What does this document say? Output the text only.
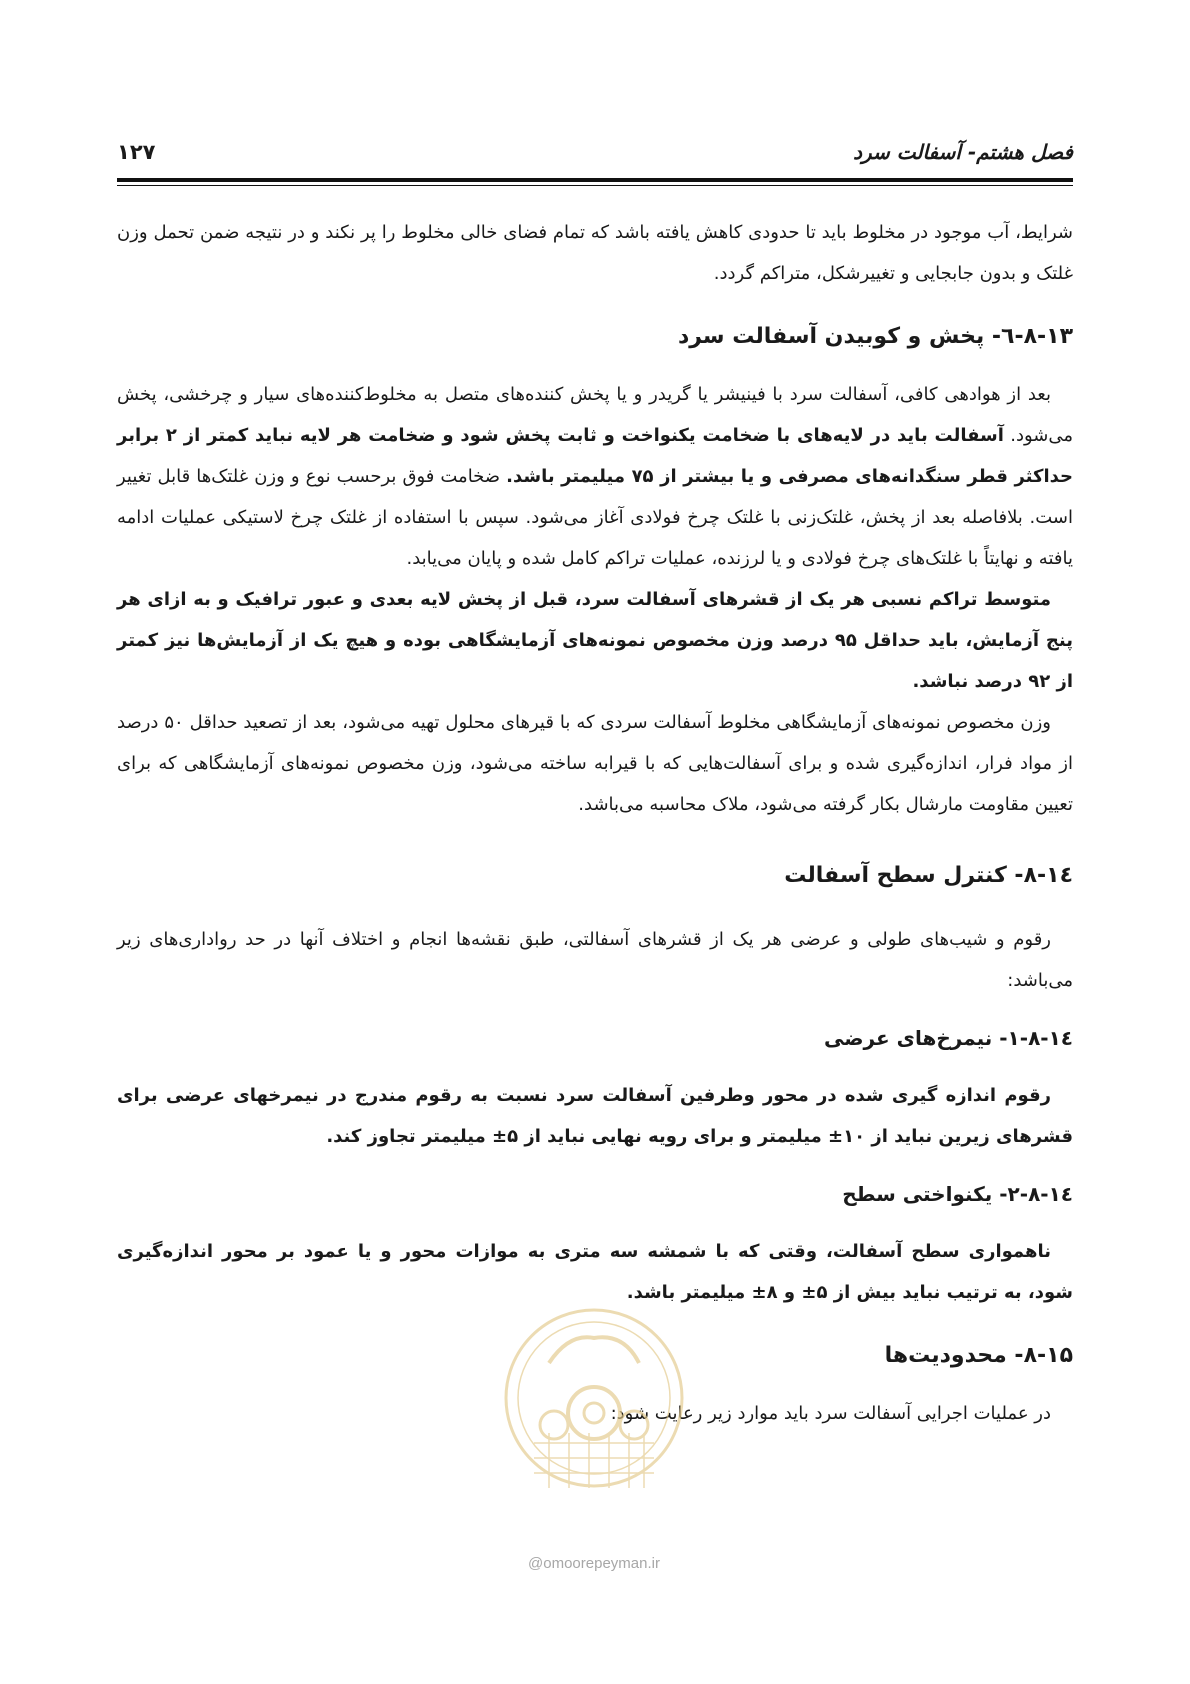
فصل هشتم- آسفالت سرد
۱۲۷

شرایط، آب موجود در مخلوط باید تا حدودی کاهش یافته باشد که تمام فضای خالی مخلوط را پر نکند و در نتیجه ضمن تحمل وزن غلتک و بدون جابجایی و تغییرشکل، متراکم گردد.

۸-۱۳-٦- پخش و کوبیدن آسفالت سرد

بعد از هوادهی کافی، آسفالت سرد با فینیشر یا گریدر و یا پخش کننده‌های متصل به مخلوط‌کننده‌های سیار و چرخشی، پخش می‌شود. آسفالت باید در لایه‌های با ضخامت یکنواخت و ثابت پخش شود و ضخامت هر لایه نباید کمتر از ۲ برابر حداکثر قطر سنگدانه‌های مصرفی و یا بیشتر از ۷۵ میلیمتر باشد. ضخامت فوق برحسب نوع و وزن غلتک‌ها قابل تغییر است. بلافاصله بعد از پخش، غلتک‌زنی با غلتک چرخ فولادی آغاز می‌شود. سپس با استفاده از غلتک چرخ لاستیکی عملیات ادامه یافته و نهایتاً با غلتک‌های چرخ فولادی و یا لرزنده، عملیات تراکم کامل شده و پایان می‌یابد.

متوسط تراکم نسبی هر یک از قشرهای آسفالت سرد، قبل از پخش لایه بعدی و عبور ترافیک و به ازای هر پنج آزمایش، باید حداقل ۹۵ درصد وزن مخصوص نمونه‌های آزمایشگاهی بوده و هیچ یک از آزمایش‌ها نیز کمتر از ۹۲ درصد نباشد.

وزن مخصوص نمونه‌های آزمایشگاهی مخلوط آسفالت سردی که با قیرهای محلول تهیه می‌شود، بعد از تصعید حداقل ۵۰ درصد از مواد فرار، اندازه‌گیری شده و برای آسفالت‌هایی که با قیرابه ساخته می‌شود، وزن مخصوص نمونه‌های آزمایشگاهی که برای تعیین مقاومت مارشال بکار گرفته می‌شود، ملاک محاسبه می‌باشد.

۸-۱٤- کنترل سطح آسفالت

رقوم و شیب‌های طولی و عرضی هر یک از قشرهای آسفالتی، طبق نقشه‌ها انجام و اختلاف آنها در حد رواداری‌های زیر می‌باشد:

۸-۱٤-۱- نیمرخ‌های عرضی

رقوم اندازه گیری شده در محور وطرفین آسفالت سرد نسبت به رقوم مندرج در نیمرخهای عرضی برای قشرهای زیرین نباید از ۱۰± میلیمتر و برای رویه نهایی نباید از ۵± میلیمتر تجاوز کند.

۸-۱٤-۲- یکنواختی سطح

ناهمواری سطح آسفالت، وقتی که با شمشه سه متری به موازات محور و یا عمود بر محور اندازه‌گیری شود، به ترتیب نباید بیش از ۵± و ۸± میلیمتر باشد.

۸-۱۵- محدودیت‌ها

در عملیات اجرایی آسفالت سرد باید موارد زیر رعایت شود:

@omoorepeyman.ir
